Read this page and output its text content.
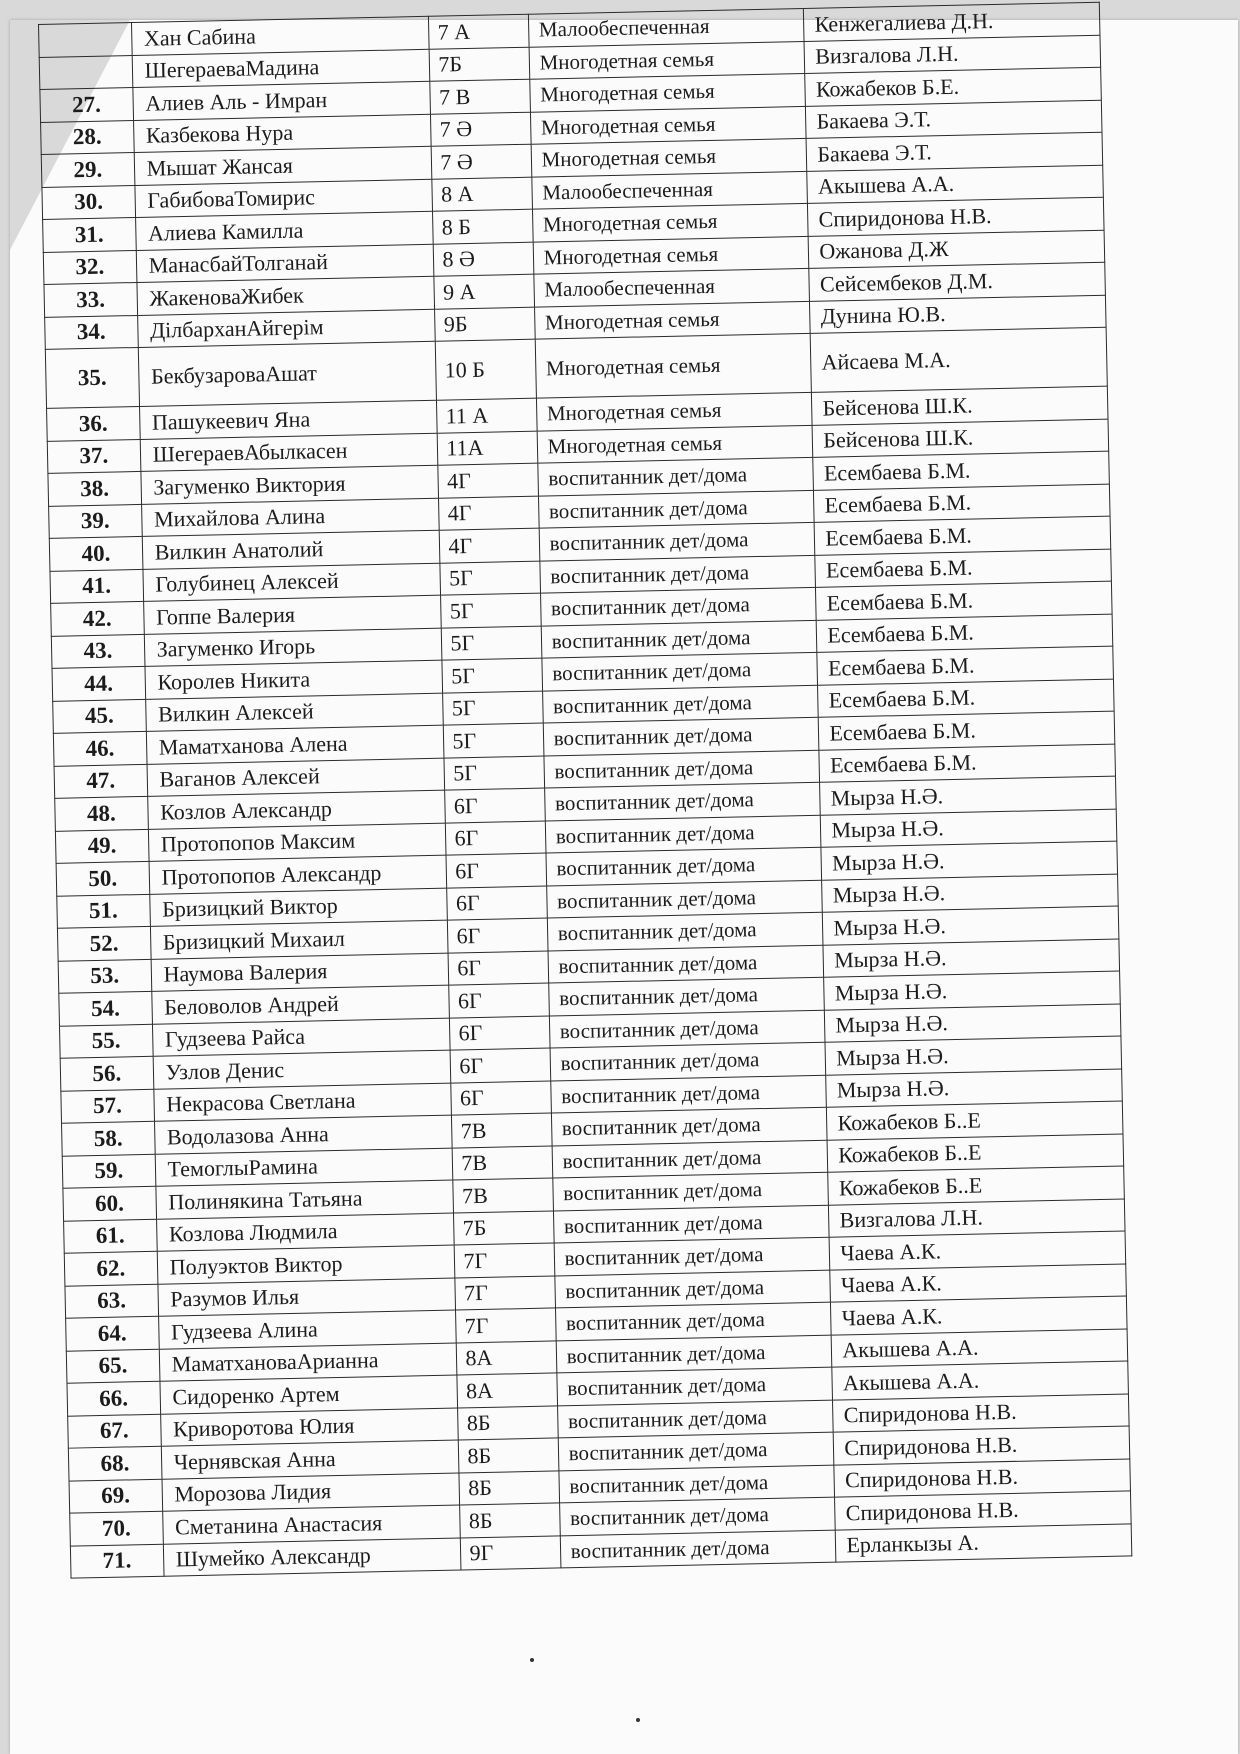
	Хан Сабина	7 А	Малообеспеченная	Кенжегалиева Д.Н.
	ШегераеваМадина	7Б	Многодетная семья	Визгалова Л.Н.
27.	Алиев Аль - Имран	7 В	Многодетная семья	Кожабеков Б.Е.
28.	Казбекова Нура	7 Ә	Многодетная семья	Бакаева Э.Т.
29.	Мышат Жансая	7 Ә	Многодетная семья	Бакаева Э.Т.
30.	ГабибоваТомирис	8 А	Малообеспеченная	Акышева А.А.
31.	Алиева Камилла	8 Б	Многодетная семья	Спиридонова Н.В.
32.	МанасбайТолганай	8 Ә	Многодетная семья	Ожанова Д.Ж
33.	ЖакеноваЖибек	9 А	Малообеспеченная	Сейсембеков Д.М.
34.	ДілбарханАйгерім	9Б	Многодетная семья	Дунина Ю.В.
35.	БекбузароваАшат	10 Б	Многодетная семья	Айсаева М.А.
36.	Пашукеевич Яна	11 А	Многодетная семья	Бейсенова Ш.К.
37.	ШегераевАбылкасен	11А	Многодетная семья	Бейсенова Ш.К.
38.	Загуменко Виктория	4Г	воспитанник дет/дома	Есембаева Б.М.
39.	Михайлова Алина	4Г	воспитанник дет/дома	Есембаева Б.М.
40.	Вилкин Анатолий	4Г	воспитанник дет/дома	Есембаева Б.М.
41.	Голубинец Алексей	5Г	воспитанник дет/дома	Есембаева Б.М.
42.	Гоппе Валерия	5Г	воспитанник дет/дома	Есембаева Б.М.
43.	Загуменко Игорь	5Г	воспитанник дет/дома	Есембаева Б.М.
44.	Королев Никита	5Г	воспитанник дет/дома	Есембаева Б.М.
45.	Вилкин Алексей	5Г	воспитанник дет/дома	Есембаева Б.М.
46.	Маматханова Алена	5Г	воспитанник дет/дома	Есембаева Б.М.
47.	Ваганов Алексей	5Г	воспитанник дет/дома	Есембаева Б.М.
48.	Козлов Александр	6Г	воспитанник дет/дома	Мырза Н.Ә.
49.	Протопопов Максим	6Г	воспитанник дет/дома	Мырза Н.Ә.
50.	Протопопов Александр	6Г	воспитанник дет/дома	Мырза Н.Ә.
51.	Бризицкий Виктор	6Г	воспитанник дет/дома	Мырза Н.Ә.
52.	Бризицкий Михаил	6Г	воспитанник дет/дома	Мырза Н.Ә.
53.	Наумова Валерия	6Г	воспитанник дет/дома	Мырза Н.Ә.
54.	Беловолов Андрей	6Г	воспитанник дет/дома	Мырза Н.Ә.
55.	Гудзеева Райса	6Г	воспитанник дет/дома	Мырза Н.Ә.
56.	Узлов Денис	6Г	воспитанник дет/дома	Мырза Н.Ә.
57.	Некрасова Светлана	6Г	воспитанник дет/дома	Мырза Н.Ә.
58.	Водолазова Анна	7В	воспитанник дет/дома	Кожабеков Б..Е
59.	ТемоглыРамина	7В	воспитанник дет/дома	Кожабеков Б..Е
60.	Полинякина Татьяна	7В	воспитанник дет/дома	Кожабеков Б..Е
61.	Козлова Людмила	7Б	воспитанник дет/дома	Визгалова Л.Н.
62.	Полуэктов Виктор	7Г	воспитанник дет/дома	Чаева А.К.
63.	Разумов Илья	7Г	воспитанник дет/дома	Чаева А.К.
64.	Гудзеева Алина	7Г	воспитанник дет/дома	Чаева А.К.
65.	МаматхановаАрианна	8А	воспитанник дет/дома	Акышева А.А.
66.	Сидоренко Артем	8А	воспитанник дет/дома	Акышева А.А.
67.	Криворотова Юлия	8Б	воспитанник дет/дома	Спиридонова Н.В.
68.	Чернявская Анна	8Б	воспитанник дет/дома	Спиридонова Н.В.
69.	Морозова Лидия	8Б	воспитанник дет/дома	Спиридонова Н.В.
70.	Сметанина Анастасия	8Б	воспитанник дет/дома	Спиридонова Н.В.
71.	Шумейко Александр	9Г	воспитанник дет/дома	Ерланкызы А.
